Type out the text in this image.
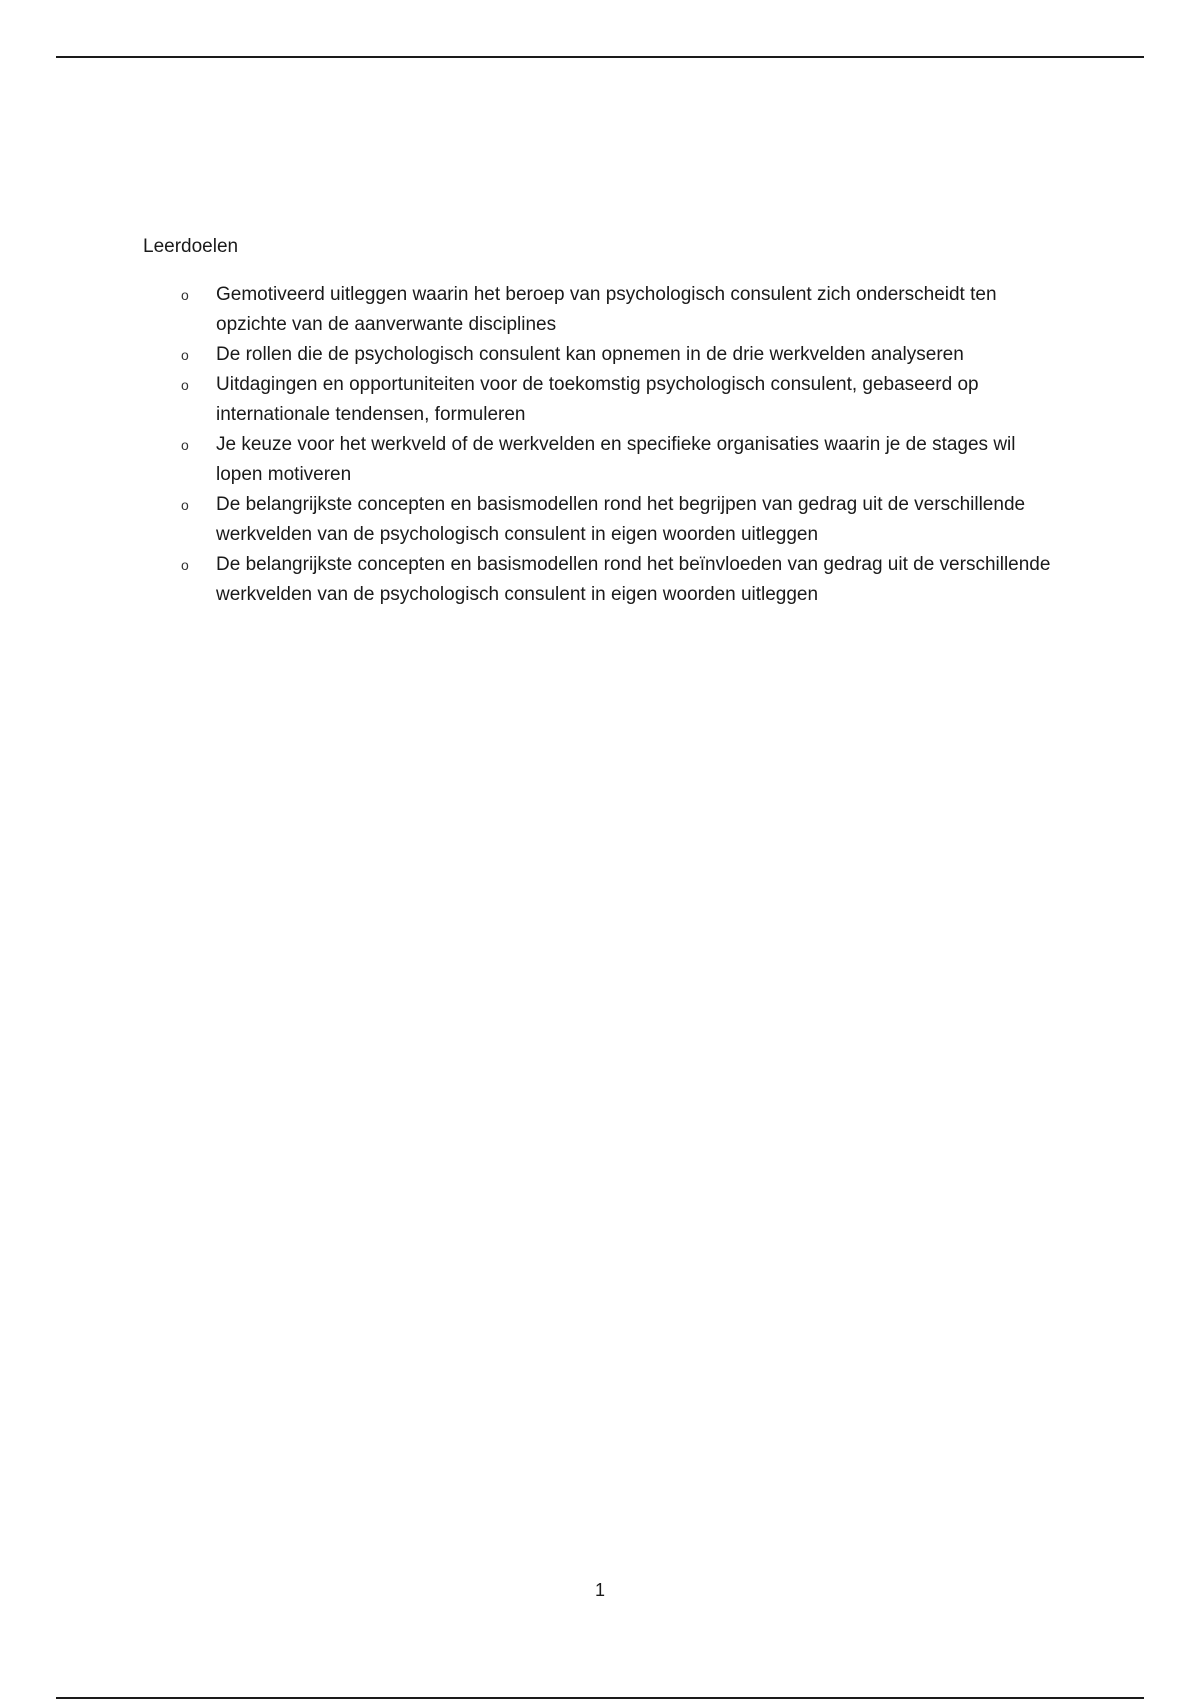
Leerdoelen
o	Gemotiveerd uitleggen waarin het beroep van psychologisch consulent zich onderscheidt ten opzichte van de aanverwante disciplines
o	De rollen die de psychologisch consulent kan opnemen in de drie werkvelden analyseren
o	Uitdagingen en opportuniteiten voor de toekomstig psychologisch consulent, gebaseerd op internationale tendensen, formuleren
o	Je keuze voor het werkveld of de werkvelden en specifieke organisaties waarin je de stages wil lopen motiveren
o	De belangrijkste concepten en basismodellen rond het begrijpen van gedrag uit de verschillende werkvelden van de psychologisch consulent in eigen woorden uitleggen
o	De belangrijkste concepten en basismodellen rond het beïnvloeden van gedrag uit de verschillende werkvelden van de psychologisch consulent in eigen woorden uitleggen
1
